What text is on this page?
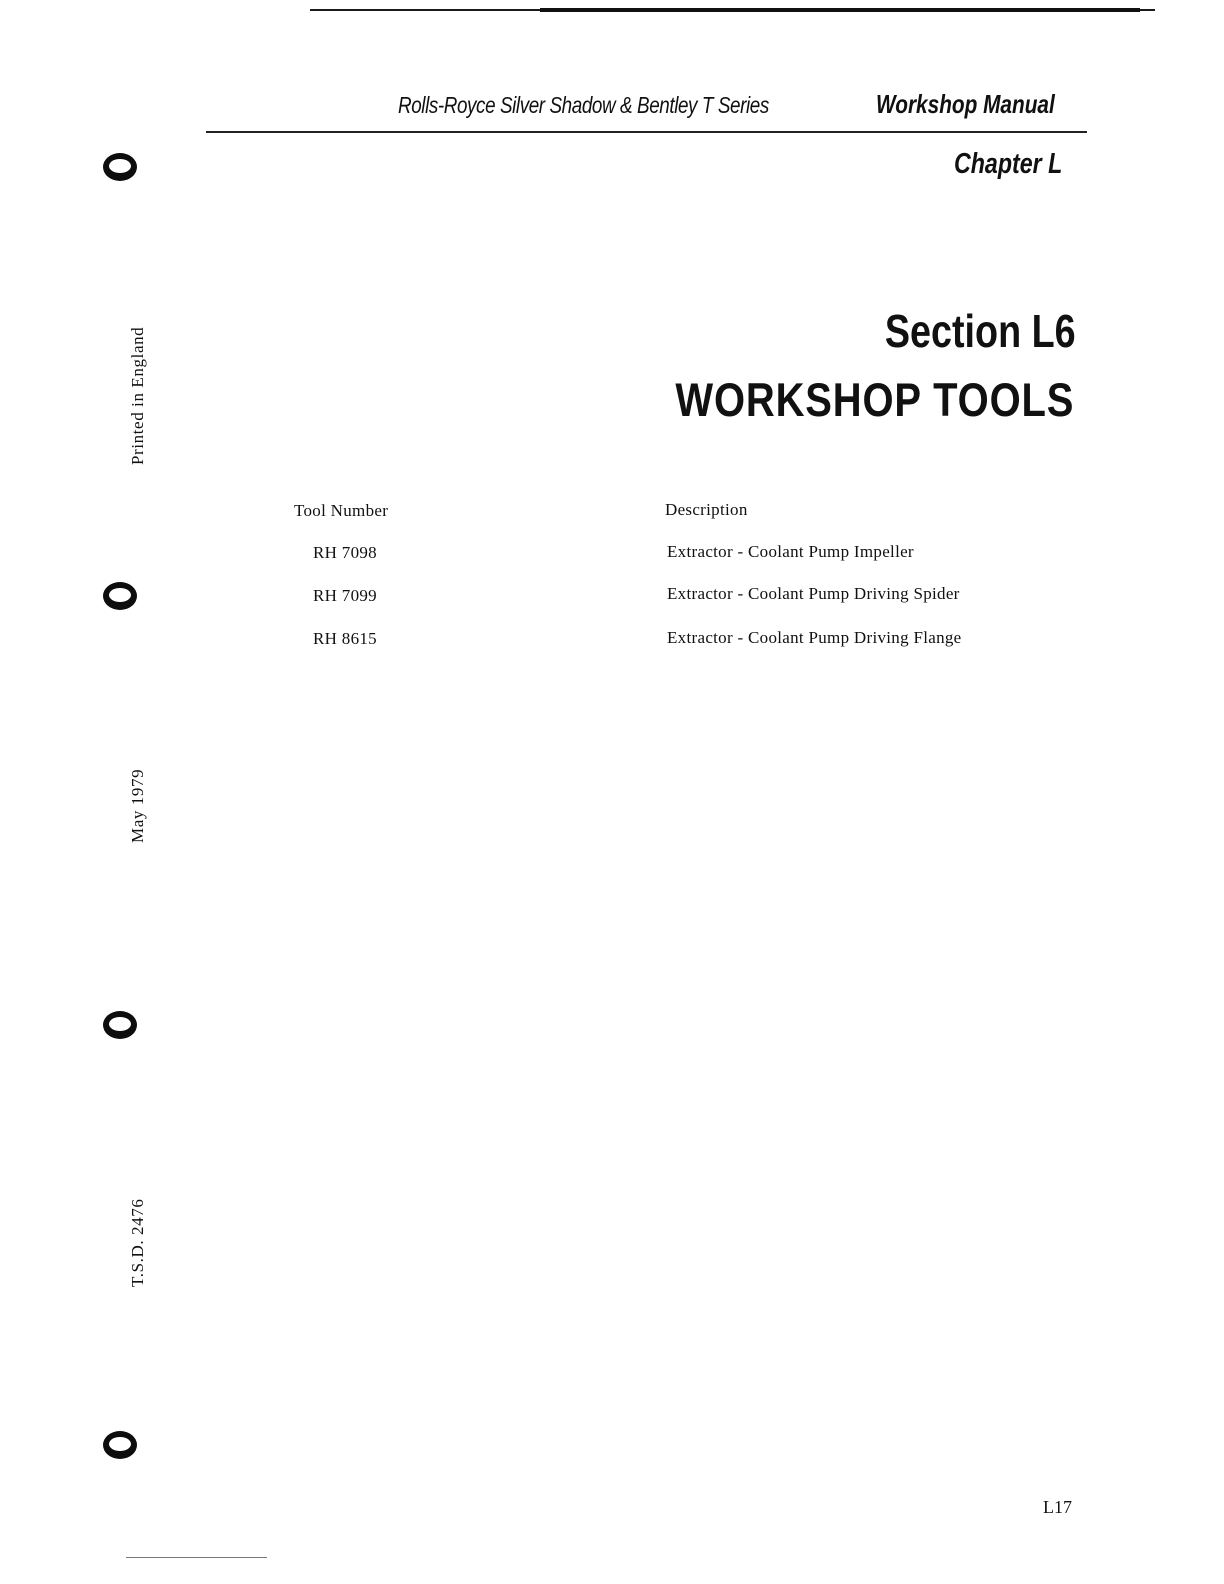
Rolls-Royce Silver Shadow & Bentley T Series	Workshop Manual
Chapter L
Section L6
WORKSHOP TOOLS
Tool Number	Description
RH 7098	Extractor - Coolant Pump Impeller
RH 7099	Extractor - Coolant Pump Driving Spider
RH 8615	Extractor - Coolant Pump Driving Flange
Printed in England
May 1979
T.S.D. 2476
L17
